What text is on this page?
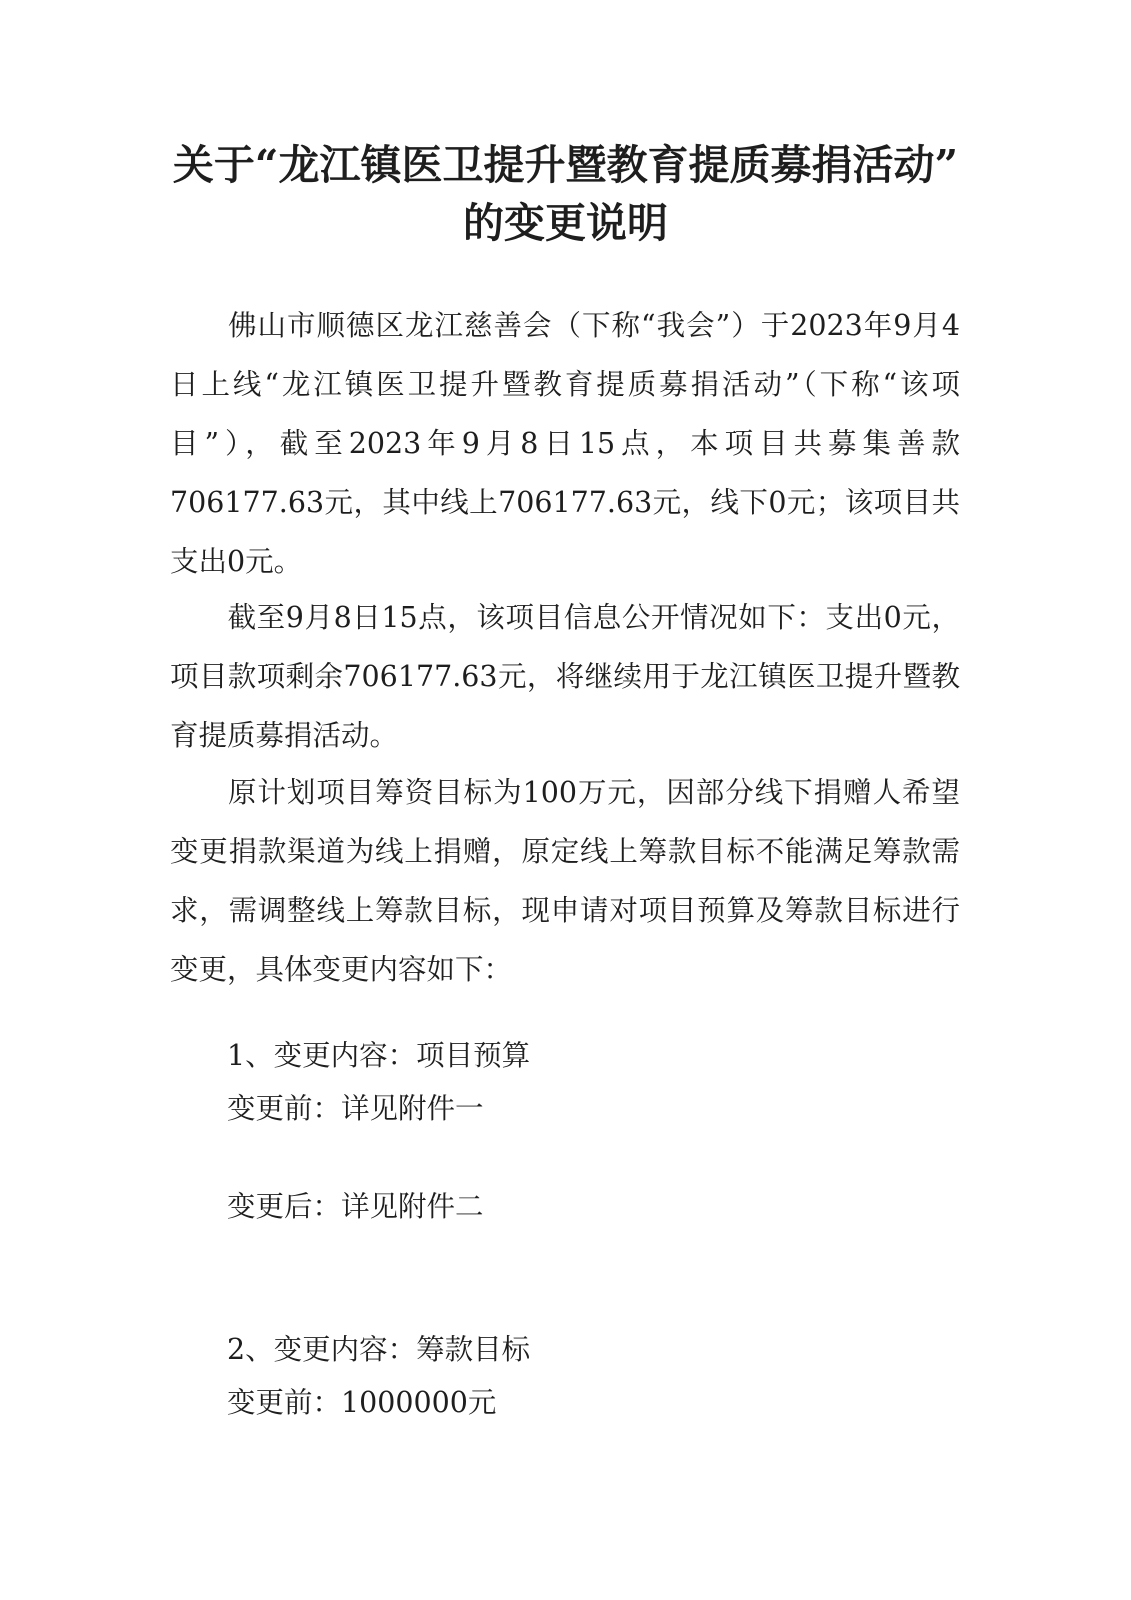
关于“龙江镇医卫提升暨教育提质募捐活动”
的变更说明

佛山市顺德区龙江慈善会（下称“我会”）于2023年9月4日上线“龙江镇医卫提升暨教育提质募捐活动”（下称“该项目”），截至2023年9月8日15点，本项目共募集善款706177.63元，其中线上706177.63元，线下0元；该项目共支出0元。

截至9月8日15点，该项目信息公开情况如下：支出0元，项目款项剩余706177.63元，将继续用于龙江镇医卫提升暨教育提质募捐活动。

原计划项目筹资目标为100万元，因部分线下捐赠人希望变更捐款渠道为线上捐赠，原定线上筹款目标不能满足筹款需求，需调整线上筹款目标，现申请对项目预算及筹款目标进行变更，具体变更内容如下：

1、变更内容：项目预算
变更前：详见附件一
变更后：详见附件二
2、变更内容：筹款目标
变更前：1000000元
